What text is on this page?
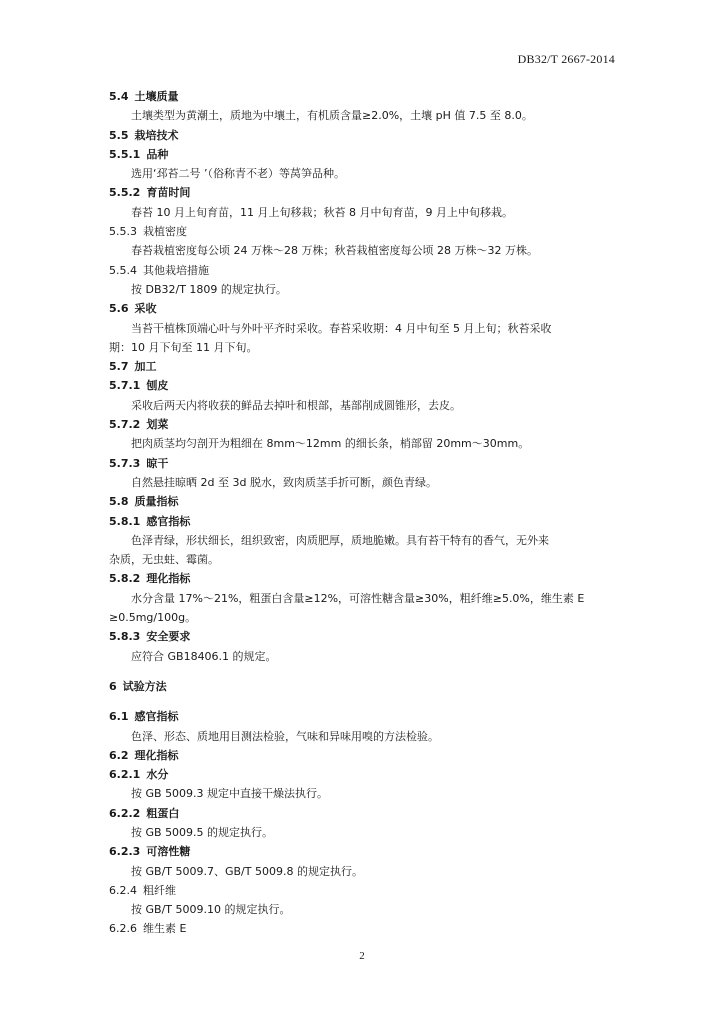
DB32/T 2667-2014
5.4 土壤质量
土壤类型为黄潮土，质地为中壤土，有机质含量≥2.0%，土壤 pH 值 7.5 至 8.0。
5.5 栽培技术
5.5.1 品种
选用‘邳苔二号 ’（俗称青不老）等莴笋品种。
5.5.2 育苗时间
春苔 10 月上旬育苗，11 月上旬移栽；秋苔 8 月中旬育苗，9 月上中旬移栽。
5.5.3 栽植密度
春苔栽植密度每公顷 24 万株～28 万株；秋苔栽植密度每公顷 28 万株～32 万株。
5.5.4 其他栽培措施
按 DB32/T 1809 的规定执行。
5.6 采收
当苔干植株顶端心叶与外叶平齐时采收。春苔采收期：4 月中旬至 5 月上旬；秋苔采收
期：10 月下旬至 11 月下旬。
5.7 加工
5.7.1 刨皮
采收后两天内将收获的鲜品去掉叶和根部，基部削成圆锥形，去皮。
5.7.2 划菜
把肉质茎均匀剖开为粗细在 8mm～12mm 的细长条，梢部留 20mm～30mm。
5.7.3 晾干
自然悬挂晾晒 2d 至 3d 脱水，致肉质茎手折可断，颜色青绿。
5.8 质量指标
5.8.1 感官指标
色泽青绿，形状细长，组织致密，肉质肥厚，质地脆嫩。具有苔干特有的香气，无外来
杂质，无虫蛀、霉菌。
5.8.2 理化指标
水分含量 17%～21%，粗蛋白含量≥12%，可溶性糖含量≥30%，粗纤维≥5.0%，维生素 E
≥0.5mg/100g。
5.8.3 安全要求
应符合 GB18406.1 的规定。
6 试验方法
6.1 感官指标
色泽、形态、质地用目测法检验，气味和异味用嗅的方法检验。
6.2 理化指标
6.2.1 水分
按 GB 5009.3 规定中直接干燥法执行。
6.2.2 粗蛋白
按 GB 5009.5 的规定执行。
6.2.3 可溶性糖
按 GB/T 5009.7、GB/T 5009.8 的规定执行。
6.2.4 粗纤维
按 GB/T 5009.10 的规定执行。
6.2.6 维生素 E
2
